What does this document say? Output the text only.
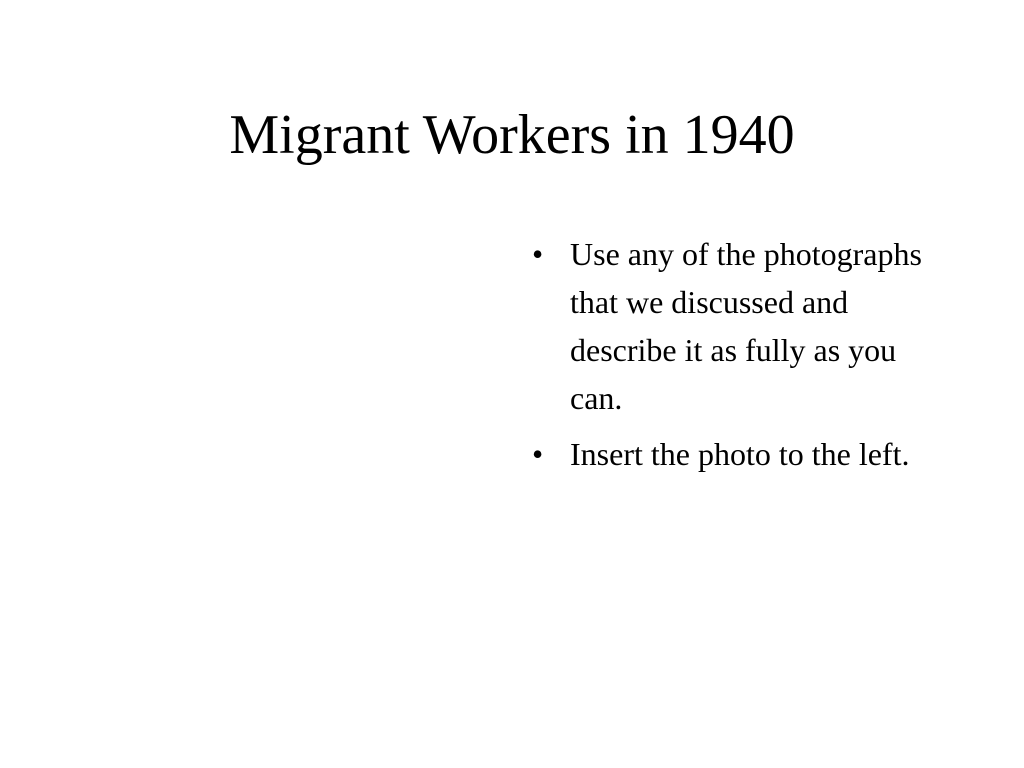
Migrant Workers in 1940
• Use any of the photographs that we discussed and describe it as fully as you can.
• Insert the photo to the left.
